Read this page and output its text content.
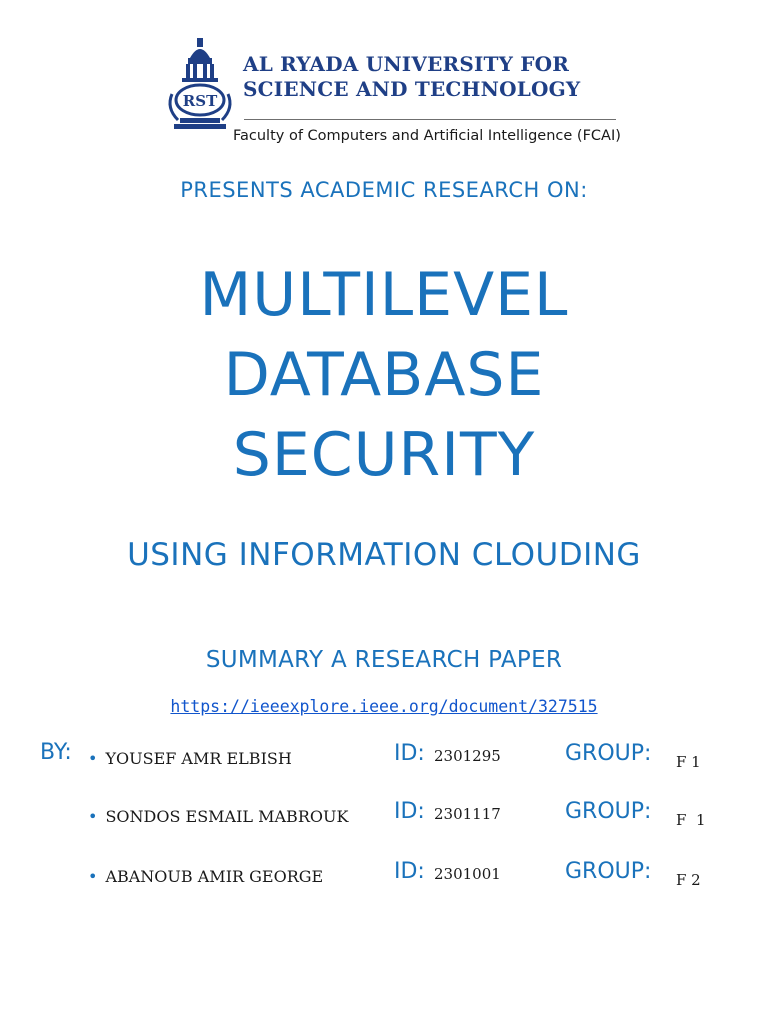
RST

AL RYADA UNIVERSITY FOR
SCIENCE AND TECHNOLOGY

Faculty of Computers and Artificial Intelligence (FCAI)

PRESENTS ACADEMIC RESEARCH ON:

MULTILEVEL
DATABASE
SECURITY

USING INFORMATION CLOUDING

SUMMARY A RESEARCH PAPER

https://ieeexplore.ieee.org/document/327515

BY: • YOUSEF AMR ELBISH	ID: 2301295	GROUP: F 1
• SONDOS ESMAIL MABROUK ID: 2301117	GROUP: F  1
• ABANOUB AMIR GEORGE	ID: 2301001	GROUP: F 2
